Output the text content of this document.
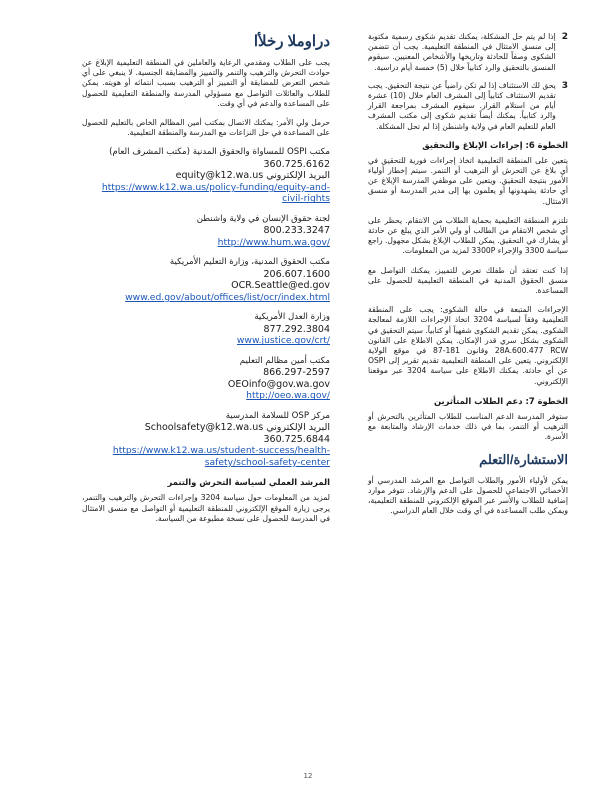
دراوملا رخلأا

يجب على الطلاب ومقدمي الرعاية والعاملين في المنطقة التعليمية الإبلاغ عن حوادث التحرش والترهيب والتنمر والتمييز والمضايقة الجنسية. لا ينبغي على أي شخص التعرض للمضايقة أو التمييز أو الترهيب بسبب انتمائه أو هويته. يمكن للطلاب والعائلات التواصل مع مسؤولي المدرسة والمنطقة التعليمية للحصول على المساعدة والدعم في أي وقت.

حرمل ولي الأمر: يمكنك الاتصال بمكتب أمين المظالم الخاص بالتعليم للحصول على المساعدة في حل النزاعات مع المدرسة والمنطقة التعليمية.

مكتب OSPI للمساواة والحقوق المدنية (مكتب المشرف العام)
360.725.6162
equity@k12.wa.us البريد الإلكتروني
https://www.k12.wa.us/policy-funding/equity-and-civil-rights
لجنة حقوق الإنسان في ولاية واشنطن
800.233.3247
http://www.hum.wa.gov/
مكتب الحقوق المدنية، وزارة التعليم الأمريكية
206.607.1600
OCR.Seattle@ed.gov
www.ed.gov/about/offices/list/ocr/index.html
وزارة العدل الأمريكية
877.292.3804
www.justice.gov/crt/
مكتب أمين مظالم التعليم
866.297-2597
OEOinfo@gov.wa.gov
http://oeo.wa.gov/
مركز OSP للسلامة المدرسية
Schoolsafety@k12.wa.us البريد الإلكتروني
360.725.6844
https://www.k12.wa.us/student-success/health-safety/school-safety-center
المرشد العملي لسياسة التحرش والتنمر

لمزيد من المعلومات حول سياسة 3204 وإجراءات التحرش والترهيب والتنمر، يرجى زيارة الموقع الإلكتروني للمنطقة التعليمية أو التواصل مع منسق الامتثال في المدرسة للحصول على نسخة مطبوعة من السياسة.

2
إذا لم يتم حل المشكلة، يمكنك تقديم شكوى رسمية مكتوبة إلى منسق الامتثال في المنطقة التعليمية. يجب أن تتضمن الشكوى وصفاً للحادثة وتاريخها والأشخاص المعنيين. سيقوم المنسق بالتحقيق والرد كتابياً خلال (5) خمسة أيام دراسية.
3
يحق لك الاستئناف إذا لم تكن راضياً عن نتيجة التحقيق. يجب تقديم الاستئناف كتابياً إلى المشرف العام خلال (10) عشرة أيام من استلام القرار. سيقوم المشرف بمراجعة القرار والرد كتابياً. يمكنك أيضاً تقديم شكوى إلى مكتب المشرف العام للتعليم العام في ولاية واشنطن إذا لم تحل المشكلة.
الخطوة 6: إجراءات الإبلاغ والتحقيق

يتعين على المنطقة التعليمية اتخاذ إجراءات فورية للتحقيق في أي بلاغ عن التحرش أو الترهيب أو التنمر. سيتم إخطار أولياء الأمور بنتيجة التحقيق. ويتعين على موظفي المدرسة الإبلاغ عن أي حادثة يشهدونها أو يعلمون بها إلى مدير المدرسة أو منسق الامتثال.

تلتزم المنطقة التعليمية بحماية الطلاب من الانتقام. يحظر على أي شخص الانتقام من الطالب أو ولي الأمر الذي يبلغ عن حادثة أو يشارك في التحقيق. يمكن للطلاب الإبلاغ بشكل مجهول. راجع سياسة 3300 والإجراء 3300P لمزيد من المعلومات.

إذا كنت تعتقد أن طفلك تعرض للتمييز، يمكنك التواصل مع منسق الحقوق المدنية في المنطقة التعليمية للحصول على المساعدة.

الإجراءات المتبعة في حالة الشكوى: يجب على المنطقة التعليمية وفقاً لسياسة 3204 اتخاذ الإجراءات اللازمة لمعالجة الشكوى. يمكن تقديم الشكوى شفهياً أو كتابياً. سيتم التحقيق في الشكوى بشكل سري قدر الإمكان. يمكن الاطلاع على القانون 28A.600.477 RCW وقانون 181-87 في موقع الولاية الإلكتروني. يتعين على المنطقة التعليمية تقديم تقرير إلى OSPI عن أي حادثة. يمكنك الاطلاع على سياسة 3204 عبر موقعنا الإلكتروني.

الخطوة 7: دعم الطلاب المتأثرين

ستوفر المدرسة الدعم المناسب للطلاب المتأثرين بالتحرش أو الترهيب أو التنمر، بما في ذلك خدمات الإرشاد والمتابعة مع الأسرة.

الاستشارة/التعلم

يمكن لأولياء الأمور والطلاب التواصل مع المرشد المدرسي أو الأخصائي الاجتماعي للحصول على الدعم والإرشاد. تتوفر موارد إضافية للطلاب والأسر عبر الموقع الإلكتروني للمنطقة التعليمية، ويمكن طلب المساعدة في أي وقت خلال العام الدراسي.

12
